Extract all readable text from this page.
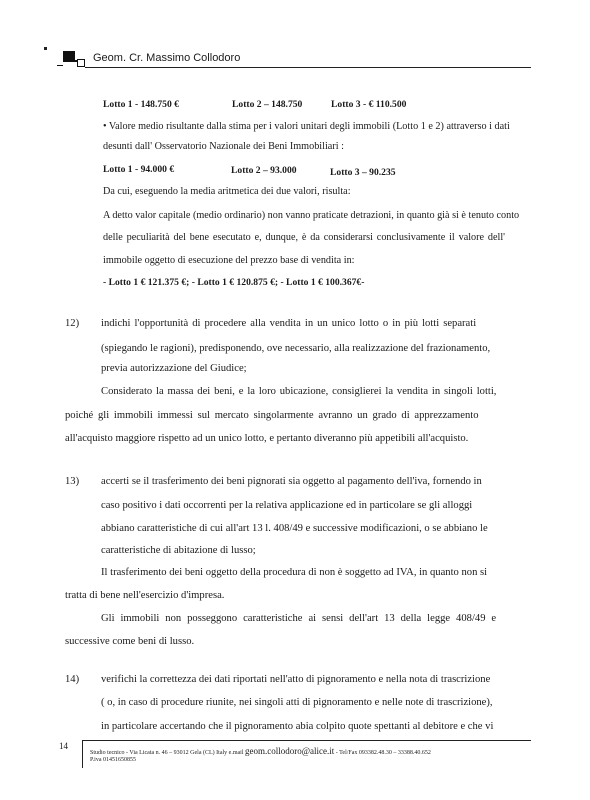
Geom. Cr. Massimo Collodoro
Lotto 1 - 148.750 €	Lotto 2 – 148.750	Lotto 3 - € 110.500
• Valore medio risultante dalla stima per i valori unitari degli immobili (Lotto 1 e 2) attraverso i dati
desunti dall' Osservatorio Nazionale dei Beni Immobiliari :
Lotto 1 - 94.000 €	Lotto 2 – 93.000	Lotto 3 – 90.235
Da cui, eseguendo la media aritmetica dei due valori, risulta:
A detto valor capitale (medio ordinario) non vanno praticate detrazioni, in quanto già si è tenuto conto
delle peculiarità del bene esecutato e, dunque, è da considerarsi conclusivamente il valore dell'
immobile oggetto di esecuzione del prezzo base di vendita in:
- Lotto 1 € 121.375 €; - Lotto 1 € 120.875 €; - Lotto 1 € 100.367€-
12) indichi l'opportunità di procedere alla vendita in un unico lotto o in più lotti separati
(spiegando le ragioni), predisponendo, ove necessario, alla realizzazione del frazionamento,
previa autorizzazione del Giudice;
Considerato la massa dei beni, e la loro ubicazione, consiglierei la vendita in singoli lotti,
poiché gli immobili immessi sul mercato singolarmente avranno un grado di apprezzamento
all'acquisto maggiore rispetto ad un unico lotto, e pertanto diveranno più appetibili all'acquisto.
13) accerti se il trasferimento dei beni pignorati sia oggetto al pagamento dell'iva, fornendo in
caso positivo i dati occorrenti per la relativa applicazione ed in particolare se gli alloggi
abbiano caratteristiche di cui all'art 13 l. 408/49 e successive modificazioni, o se abbiano le
caratteristiche di abitazione di lusso;
Il trasferimento dei beni oggetto della procedura di non è soggetto ad IVA, in quanto non si
tratta di bene nell'esercizio d'impresa.
Gli immobili non posseggono caratteristiche ai sensi dell'art 13 della legge 408/49 e
successive come beni di lusso.
14) verifichi la correttezza dei dati riportati nell'atto di pignoramento e nella nota di trascrizione
( o, in caso di procedure riunite, nei singoli atti di pignoramento e nelle note di trascrizione),
in particolare accertando che il pignoramento abia colpito quote spettanti al debitore e che vi
14
Studio tecnico - Via Licata n. 46 – 93012 Gela (CL) Italy e.mail geom.collodoro@alice.it - Tel/Fax 093382.48.30 – 33388.40.652
P.iva 01451650855
